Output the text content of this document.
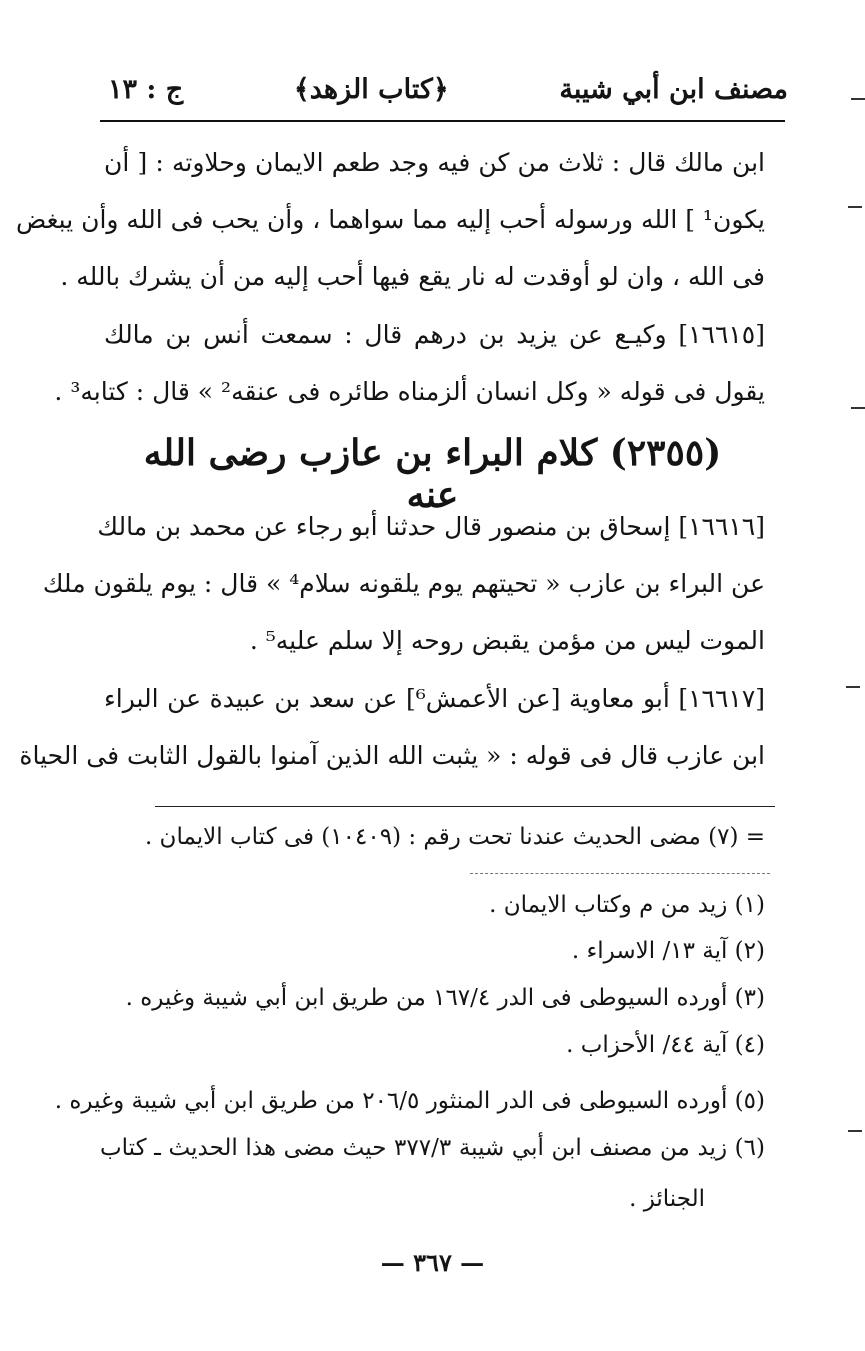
مصنف ابن أبي شيبة
﴿كتاب الزهد﴾
ج : ١٣
ابن مالك قال : ثلاث من كن فيه وجد طعم الايمان وحلاوته : [ أن
يكون¹ ] الله ورسوله أحب إليه مما سواهما ، وأن يحب فى الله وأن يبغض
فى الله ، وان لو أوقدت له نار يقع فيها أحب إليه من أن يشرك بالله .
[١٦٦١٥] وكيـع عن يزيد بن درهم قال : سمعت أنس بن مالك
يقول فى قوله « وكل انسان ألزمناه طائره فى عنقه² » قال : كتابه³ .
(٢٣٥٥) كلام البراء بن عازب رضى الله عنه
[١٦٦١٦] إسحاق بن منصور قال حدثنا أبو رجاء عن محمد بن مالك
عن البراء بن عازب « تحيتهم يوم يلقونه سلام⁴ » قال : يوم يلقون ملك
الموت ليس من مؤمن يقبض روحه إلا سلم عليه⁵ .
[١٦٦١٧] أبو معاوية [عن الأعمش⁶] عن سعد بن عبيدة عن البراء
ابن عازب قال فى قوله : « يثبت الله الذين آمنوا بالقول الثابت فى الحياة
= (٧) مضى الحديث عندنا تحت رقم : (١٠٤٠٩) فى كتاب الايمان .
(١) زيد من م وكتاب الايمان .
(٢) آية ١٣/ الاسراء .
(٣) أورده السيوطى فى الدر ١٦٧/٤ من طريق ابن أبي شيبة وغيره .
(٤) آية ٤٤/ الأحزاب .
(٥) أورده السيوطى فى الدر المنثور ٢٠٦/٥ من طريق ابن أبي شيبة وغيره .
(٦) زيد من مصنف ابن أبي شيبة ٣٧٧/٣ حيث مضى هذا الحديث ـ كتاب
الجنائز .
— ٣٦٧ —
